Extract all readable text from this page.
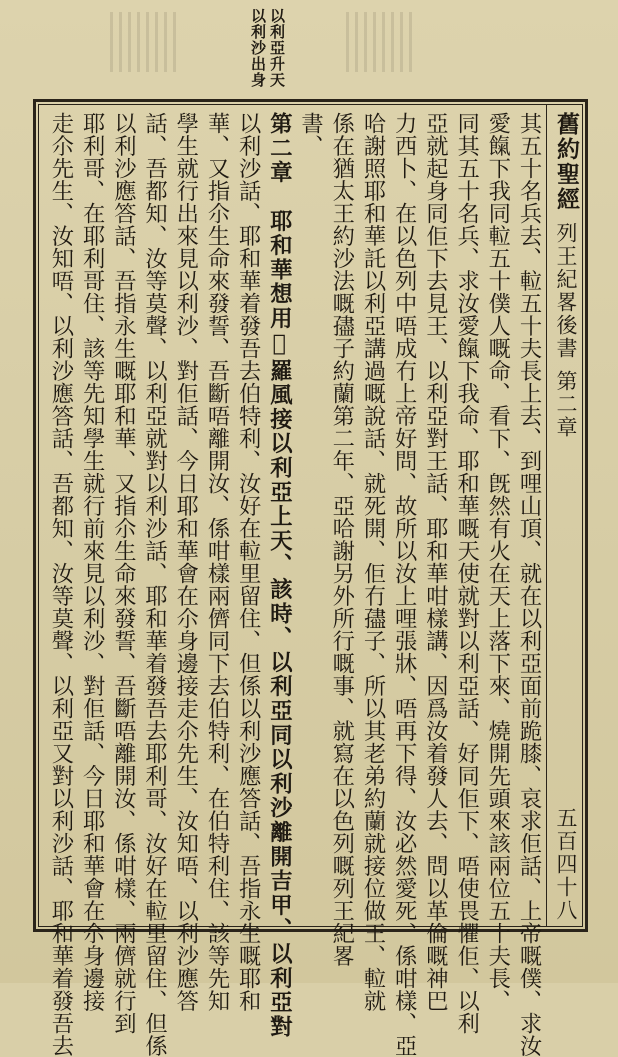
以利亞升天
以利沙出身
舊約聖經列王紀畧後書第二章
五百四十八
其五十名兵去、𨋢五十夫長上去、到哩山頂、就在以利亞面前跪膝、哀求佢話、上帝嘅僕、求汝
愛餼下我同𨋢五十僕人嘅命、看下、旣然有火在天上落下來、燒開先頭來該兩位五十夫長、
同其五十名兵、求汝愛餼下我命、耶和華嘅天使就對以利亞話、好同佢下、唔使畏懼佢、以利
亞就起身同佢下去見王、以利亞對王話、耶和華咁樣講、因爲汝着發人去、問以革倫嘅神巴
力西卜、在以色列中唔成冇上帝好問、故所以汝上哩張牀、唔再下得、汝必然愛死、係咁樣、亞
哈謝照耶和華託以利亞講過嘅說話、就死開、佢冇孻子、所以其老弟約蘭就接位做王、𨋢就
係在猶太王約沙法嘅孻子約蘭第二年、亞哈謝另外所行嘅事、就寫在以色列嘅列王紀畧
書、
第二章　耶和華想用𦋺羅風接以利亞上天、該時、以利亞同以利沙離開吉甲、以利亞對
以利沙話、耶和華着發吾去伯特利、汝好在𨋢里留住、但係以利沙應答話、吾指永生嘅耶和
華、又指尒生命來發誓、吾斷唔離開汝、係咁樣兩儕同下去伯特利、在伯特利住、該等先知
學生就行出來見以利沙、對佢話、今日耶和華會在尒身邊接走尒先生、汝知唔、以利沙應答
話、吾都知、汝等莫聲、以利亞就對以利沙話、耶和華着發吾去耶利哥、汝好在𨋢里留住、但係
以利沙應答話、吾指永生嘅耶和華、又指尒生命來發誓、吾斷唔離開汝、係咁樣、兩儕就行到
耶利哥、在耶利哥住、該等先知學生就行前來見以利沙、對佢話、今日耶和華會在尒身邊接
走尒先生、汝知唔、以利沙應答話、吾都知、汝等莫聲、以利亞又對以利沙話、耶和華着發吾去
